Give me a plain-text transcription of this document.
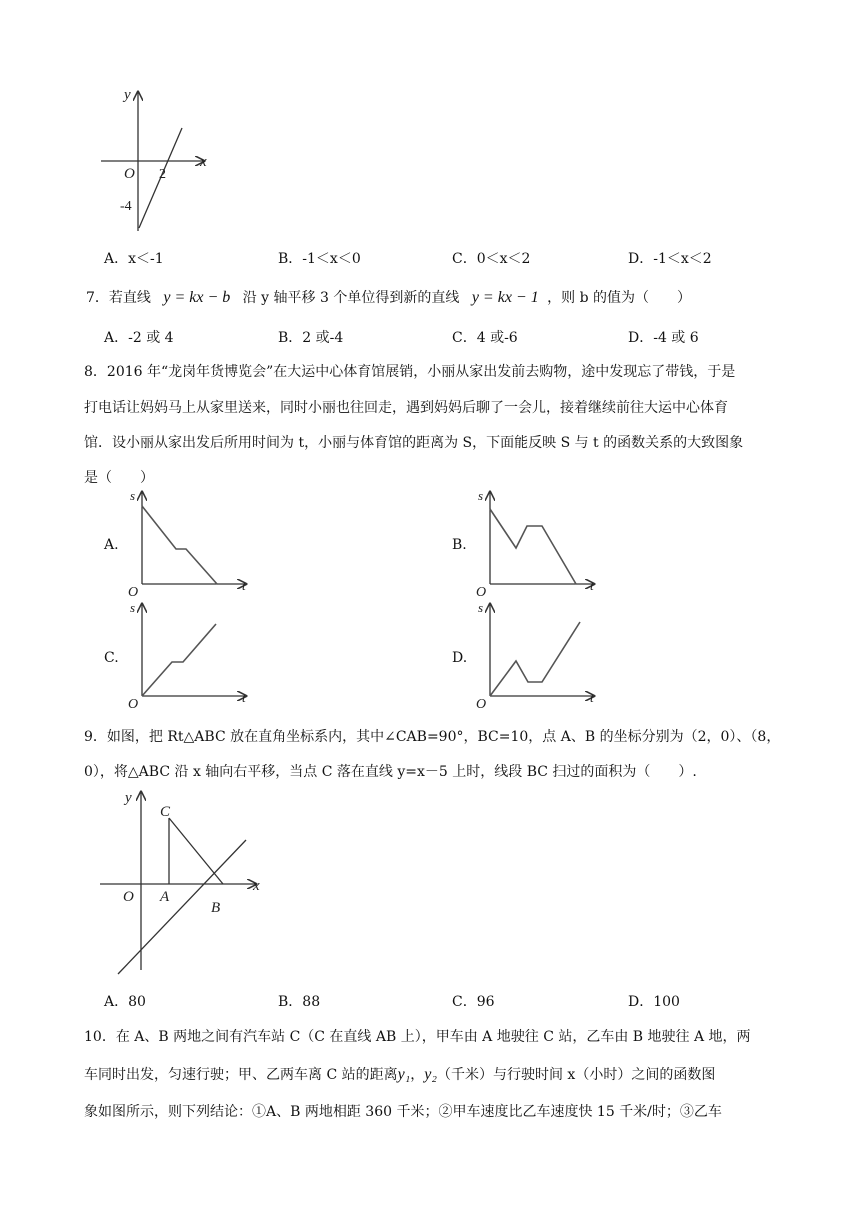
y
x
O 2
-4
A．x＜-1	B．-1＜x＜0	C．0＜x＜2	D．-1＜x＜2
7．若直线 y = kx − b 沿 y 轴平移 3 个单位得到新的直线 y = kx − 1 ，则 b 的值为（　　）
A．-2 或 4	B．2 或-4	C．4 或-6	D．-4 或 6
8．2016 年“龙岗年货博览会”在大运中心体育馆展销，小丽从家出发前去购物，途中发现忘了带钱，于是
打电话让妈妈马上从家里送来，同时小丽也往回走，遇到妈妈后聊了一会儿，接着继续前往大运中心体育
馆．设小丽从家出发后所用时间为 t，小丽与体育馆的距离为 S，下面能反映 S 与 t 的函数关系的大致图象
是（　　）
A.	B.
C.	D.
s
t
O
s
t
O
s
t
O
s
t
O
9．如图，把 Rt△ABC 放在直角坐标系内，其中∠CAB=90°，BC=10，点 A、B 的坐标分别为（2，0）、（8，
0），将△ABC 沿 x 轴向右平移，当点 C 落在直线 y=x－5 上时，线段 BC 扫过的面积为（　　）.
y
x
O A
B
C
A．80	B．88	C．96	D．100
10．在 A、B 两地之间有汽车站 C（C 在直线 AB 上），甲车由 A 地驶往 C 站，乙车由 B 地驶往 A 地，两
车同时出发，匀速行驶；甲、乙两车离 C 站的距离y₁，y₂（千米）与行驶时间 x（小时）之间的函数图
象如图所示，则下列结论：①A、B 两地相距 360 千米；②甲车速度比乙车速度快 15 千米/时；③乙车
